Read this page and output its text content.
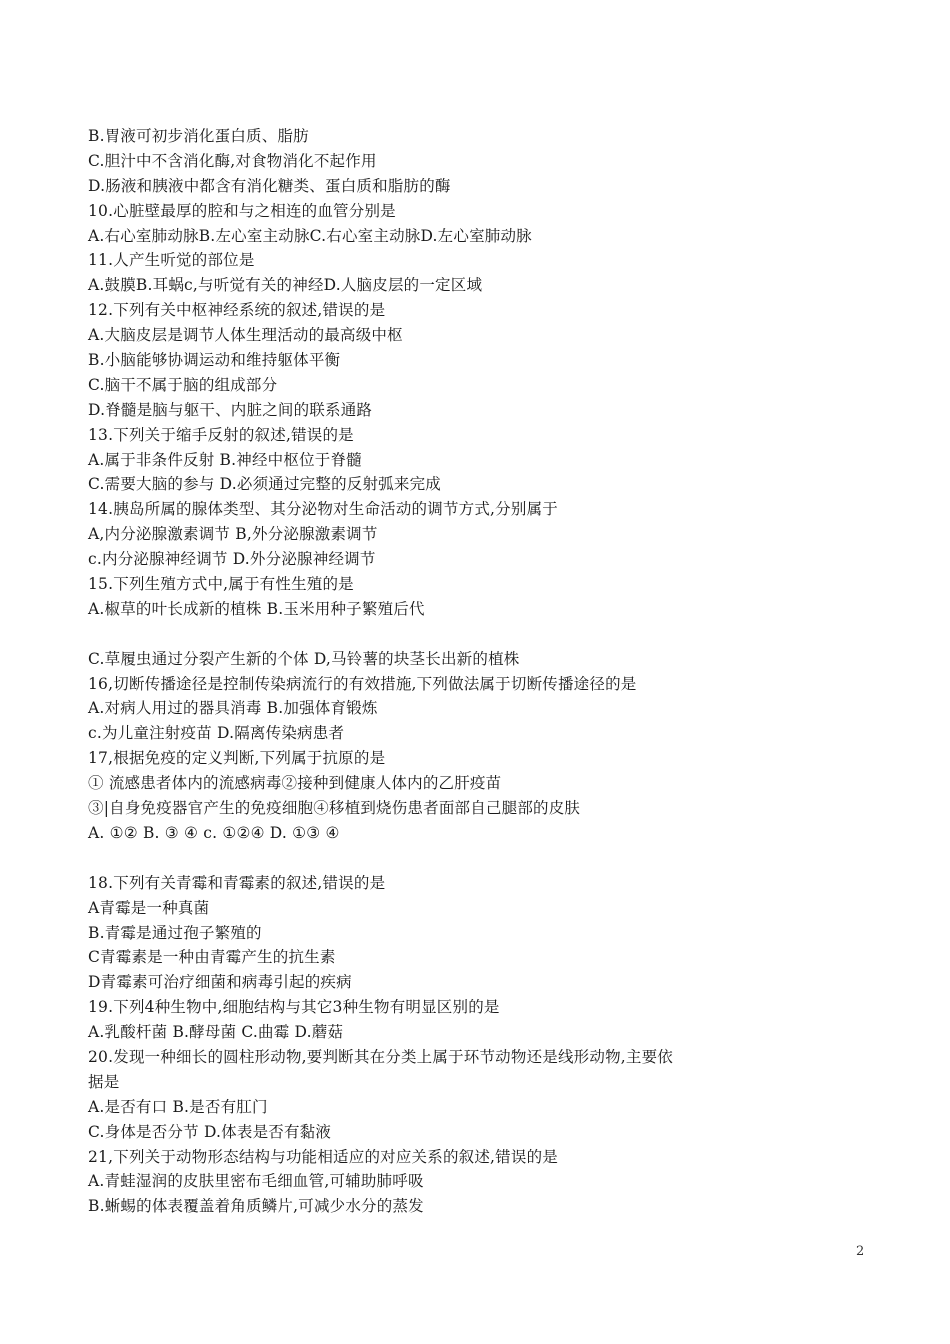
B.胃液可初步消化蛋白质、脂肪
C.胆汁中不含消化酶,对食物消化不起作用
D.肠液和胰液中都含有消化糖类、蛋白质和脂肪的酶
10.心脏壁最厚的腔和与之相连的血管分别是
A.右心室肺动脉B.左心室主动脉C.右心室主动脉D.左心室肺动脉
11.人产生听觉的部位是
A.鼓膜B.耳蜗c,与听觉有关的神经D.人脑皮层的一定区域
12.下列有关中枢神经系统的叙述,错误的是
A.大脑皮层是调节人体生理活动的最高级中枢
B.小脑能够协调运动和维持躯体平衡
C.脑干不属于脑的组成部分
D.脊髓是脑与躯干、内脏之间的联系通路
13.下列关于缩手反射的叙述,错误的是
A.属于非条件反射 B.神经中枢位于脊髓
C.需要大脑的参与 D.必须通过完整的反射弧来完成
14.胰岛所属的腺体类型、其分泌物对生命活动的调节方式,分别属于
A,内分泌腺激素调节 B,外分泌腺激素调节
c.内分泌腺神经调节 D.外分泌腺神经调节
15.下列生殖方式中,属于有性生殖的是
A.椒草的叶长成新的植株 B.玉米用种子繁殖后代
C.草履虫通过分裂产生新的个体 D,马铃薯的块茎长出新的植株
16,切断传播途径是控制传染病流行的有效措施,下列做法属于切断传播途径的是
A.对病人用过的器具消毒 B.加强体育锻炼
c.为儿童注射疫苗 D.隔离传染病患者
17,根据免疫的定义判断,下列属于抗原的是
① 流感患者体内的流感病毒②接种到健康人体内的乙肝疫苗
③|自身免疫器官产生的免疫细胞④移植到烧伤患者面部自己腿部的皮肤
A. ①② B. ③ ④ c. ①②④ D. ①③ ④
18.下列有关青霉和青霉素的叙述,错误的是
A青霉是一种真菌
B.青霉是通过孢子繁殖的
C青霉素是一种由青霉产生的抗生素
D青霉素可治疗细菌和病毒引起的疾病
19.下列4种生物中,细胞结构与其它3种生物有明显区别的是
A.乳酸杆菌 B.酵母菌 C.曲霉 D.蘑菇
20.发现一种细长的圆柱形动物,要判断其在分类上属于环节动物还是线形动物,主要依
据是
A.是否有口 B.是否有肛门
C.身体是否分节 D.体表是否有黏液
21,下列关于动物形态结构与功能相适应的对应关系的叙述,错误的是
A.青蛙湿润的皮肤里密布毛细血管,可辅助肺呼吸
B.蜥蜴的体表覆盖着角质鳞片,可减少水分的蒸发
2
